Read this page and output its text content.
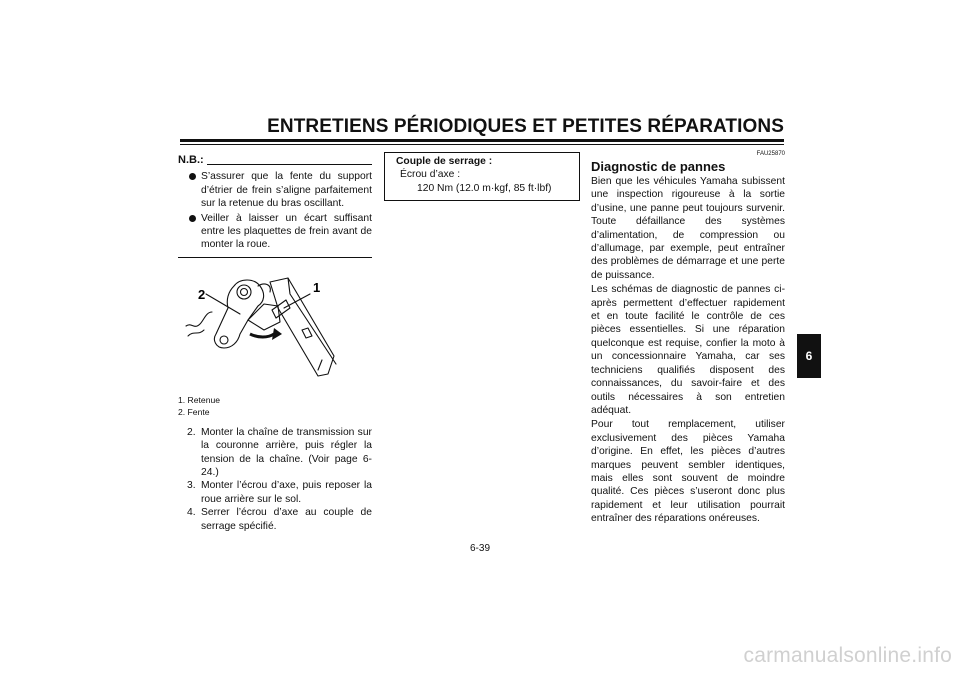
ENTRETIENS PÉRIODIQUES ET PETITES RÉPARATIONS
N.B.:
S’assurer que la fente du support d’étrier de frein s’aligne parfaitement sur la retenue du bras oscillant.
Veiller à laisser un écart suffisant entre les plaquettes de frein avant de monter la roue.
2	1
1. Retenue
2. Fente
2. Monter la chaîne de transmission sur la couronne arrière, puis régler la tension de la chaîne. (Voir page 6-24.)
3. Monter l’écrou d’axe, puis reposer la roue arrière sur le sol.
4. Serrer l’écrou d’axe au couple de serrage spécifié.
Couple de serrage :
Écrou d’axe :
120 Nm (12.0 m·kgf, 85 ft·lbf)
FAU25870
Diagnostic de pannes
Bien que les véhicules Yamaha subissent une inspection rigoureuse à la sortie d’usine, une panne peut toujours survenir. Toute défaillance des systèmes d’alimentation, de compression ou d’allumage, par exemple, peut entraîner des problèmes de démarrage et une perte de puissance.
Les schémas de diagnostic de pannes ci-après permettent d’effectuer rapidement et en toute facilité le contrôle de ces pièces essentielles. Si une réparation quelconque est requise, confier la moto à un concessionnaire Yamaha, car ses techniciens qualifiés disposent des connaissances, du savoir-faire et des outils nécessaires à son entretien adéquat.
Pour tout remplacement, utiliser exclusivement des pièces Yamaha d’origine. En effet, les pièces d’autres marques peuvent sembler identiques, mais elles sont souvent de moindre qualité. Ces pièces s’useront donc plus rapidement et leur utilisation pourrait entraîner des réparations onéreuses.
6
6-39
carmanualsonline.info
